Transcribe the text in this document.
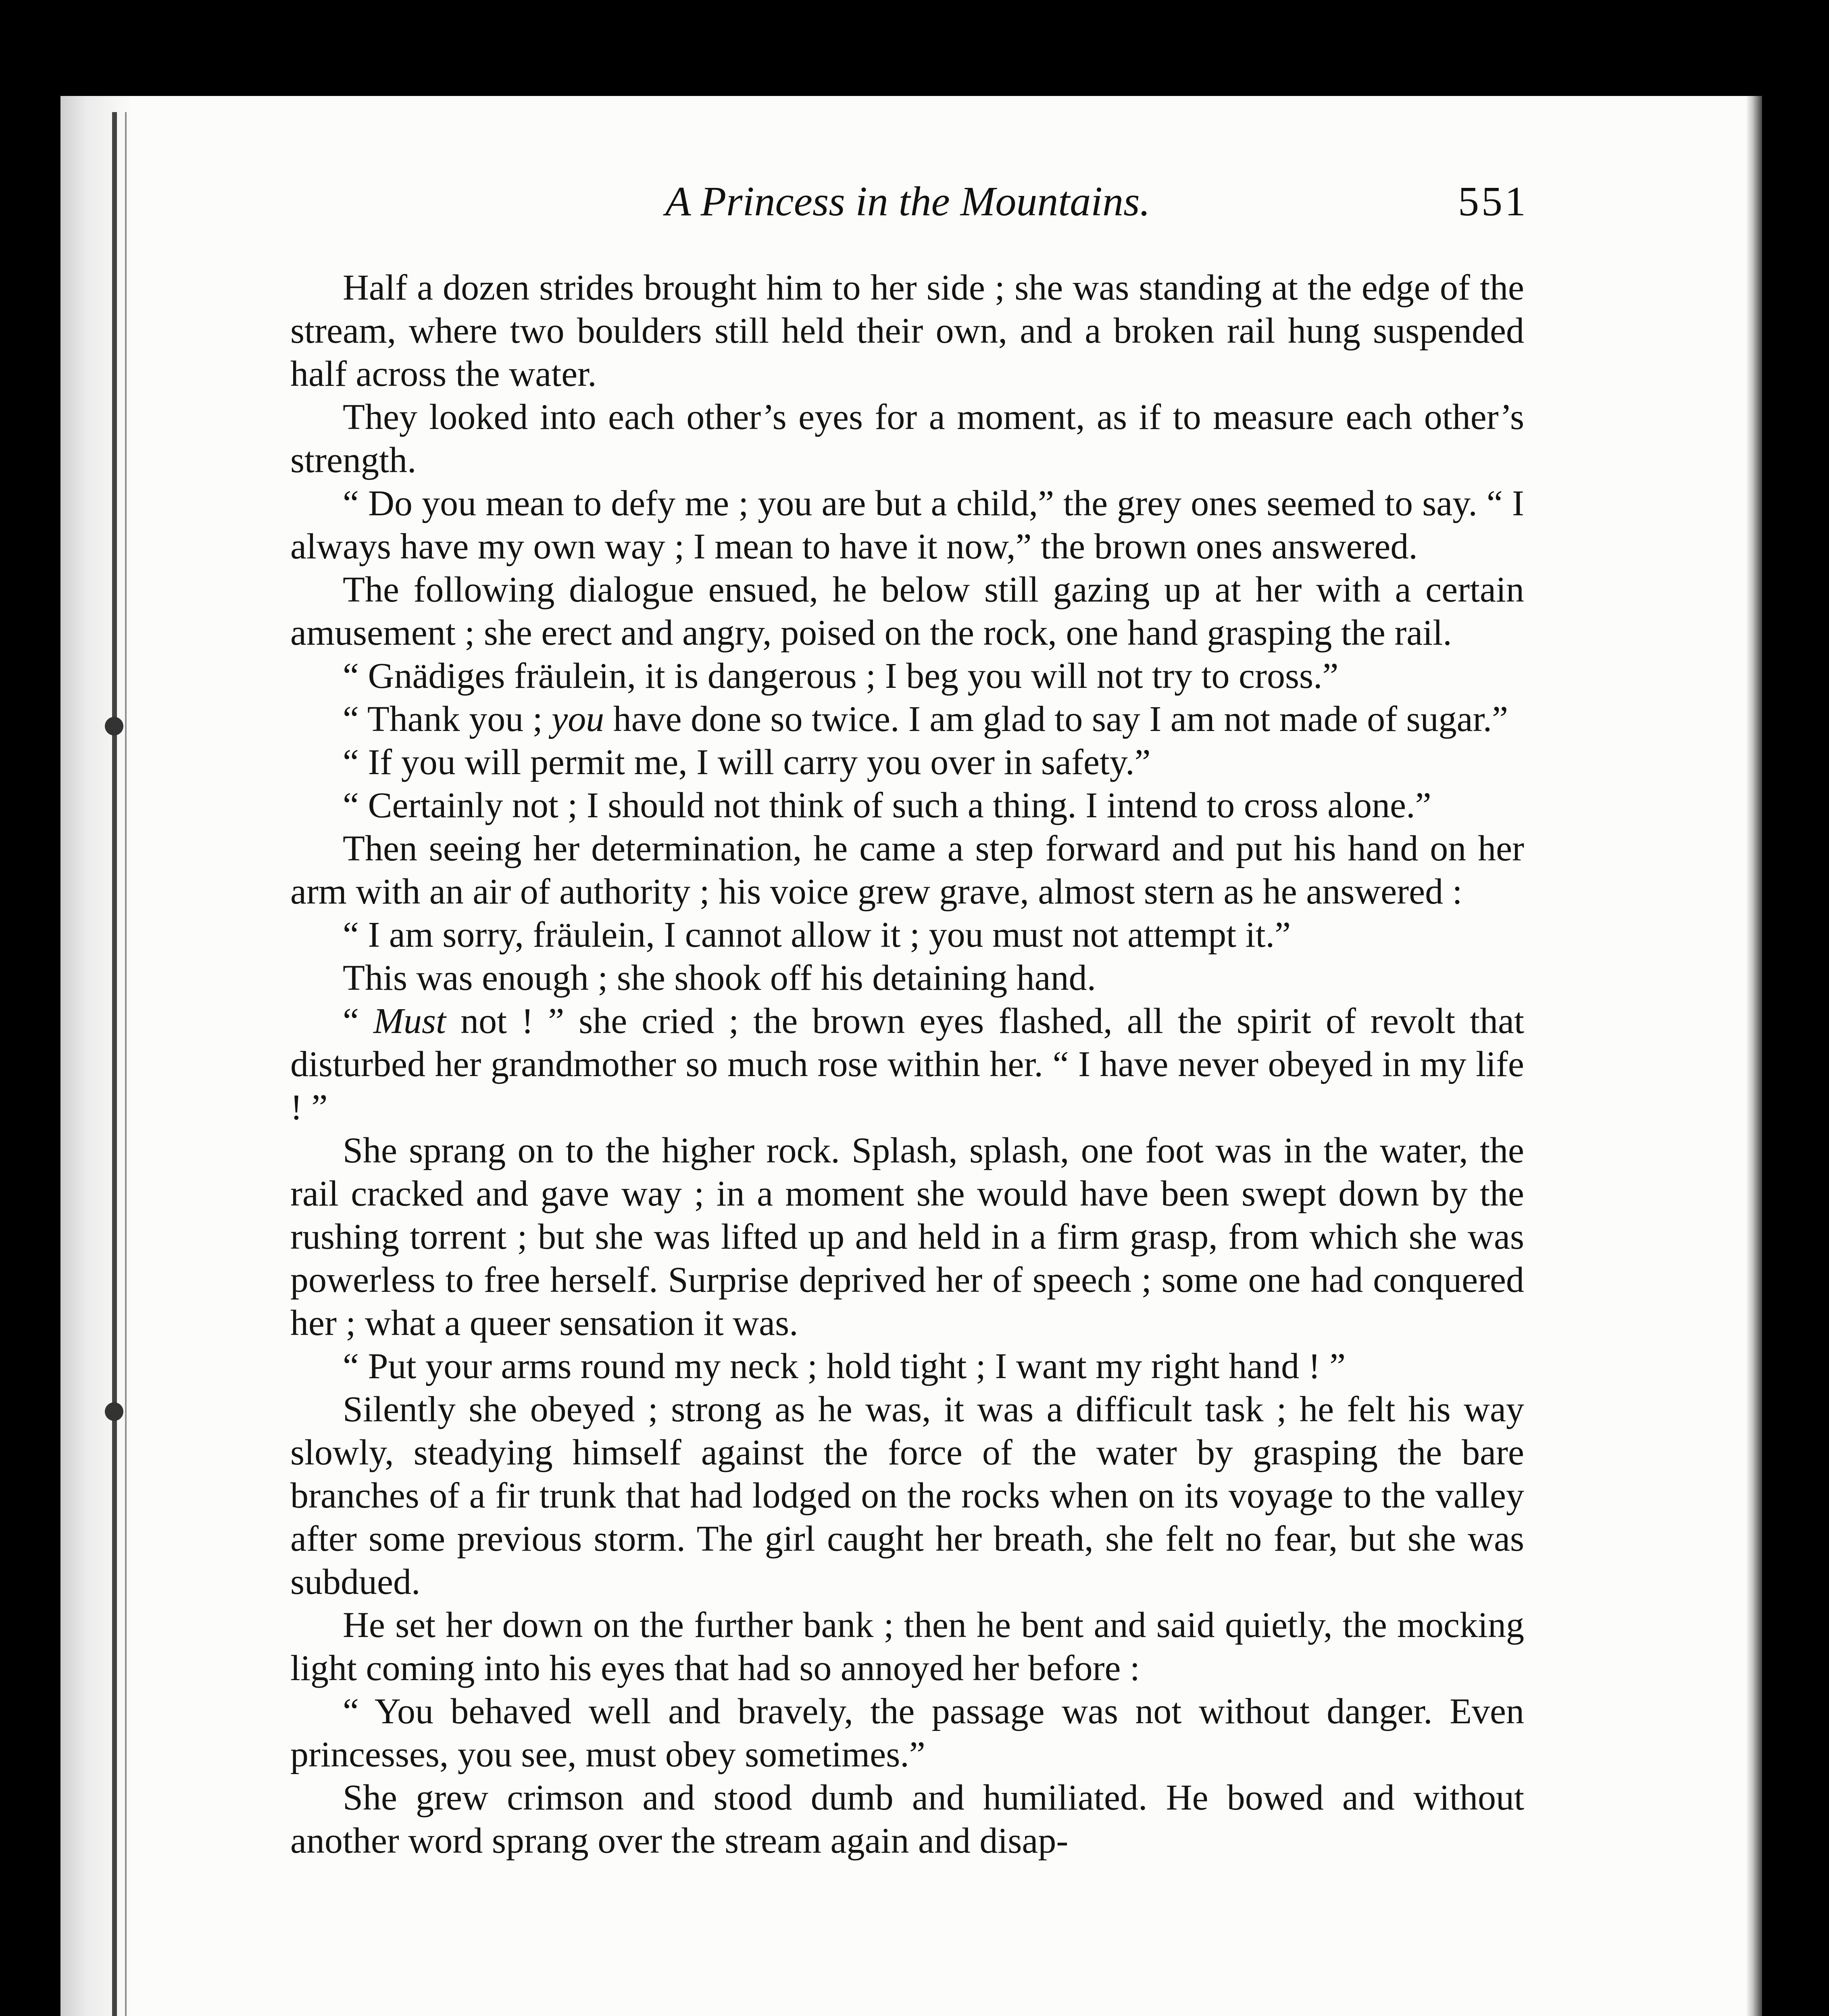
A Princess in the Mountains.	551

Half a dozen strides brought him to her side ; she was standing at the edge of the stream, where two boulders still held their own, and a broken rail hung suspended half across the water.

They looked into each other’s eyes for a moment, as if to measure each other’s strength.

“ Do you mean to defy me ; you are but a child,” the grey ones seemed to say. “ I always have my own way ; I mean to have it now,” the brown ones answered.

The following dialogue ensued, he below still gazing up at her with a certain amusement ; she erect and angry, poised on the rock, one hand grasping the rail.

“ Gnädiges fräulein, it is dangerous ; I beg you will not try to cross.”

“ Thank you ; you have done so twice. I am glad to say I am not made of sugar.”

“ If you will permit me, I will carry you over in safety.”

“ Certainly not ; I should not think of such a thing. I intend to cross alone.”

Then seeing her determination, he came a step forward and put his hand on her arm with an air of authority ; his voice grew grave, almost stern as he answered :

“ I am sorry, fräulein, I cannot allow it ; you must not attempt it.”

This was enough ; she shook off his detaining hand.

“ Must not ! ” she cried ; the brown eyes flashed, all the spirit of revolt that disturbed her grandmother so much rose within her. “ I have never obeyed in my life ! ”

She sprang on to the higher rock. Splash, splash, one foot was in the water, the rail cracked and gave way ; in a moment she would have been swept down by the rushing torrent ; but she was lifted up and held in a firm grasp, from which she was powerless to free herself. Surprise deprived her of speech ; some one had conquered her ; what a queer sensation it was.

“ Put your arms round my neck ; hold tight ; I want my right hand ! ”

Silently she obeyed ; strong as he was, it was a difficult task ; he felt his way slowly, steadying himself against the force of the water by grasping the bare branches of a fir trunk that had lodged on the rocks when on its voyage to the valley after some previous storm. The girl caught her breath, she felt no fear, but she was subdued.

He set her down on the further bank ; then he bent and said quietly, the mocking light coming into his eyes that had so annoyed her before :

“ You behaved well and bravely, the passage was not without danger. Even princesses, you see, must obey sometimes.”

She grew crimson and stood dumb and humiliated. He bowed and without another word sprang over the stream again and disap-
